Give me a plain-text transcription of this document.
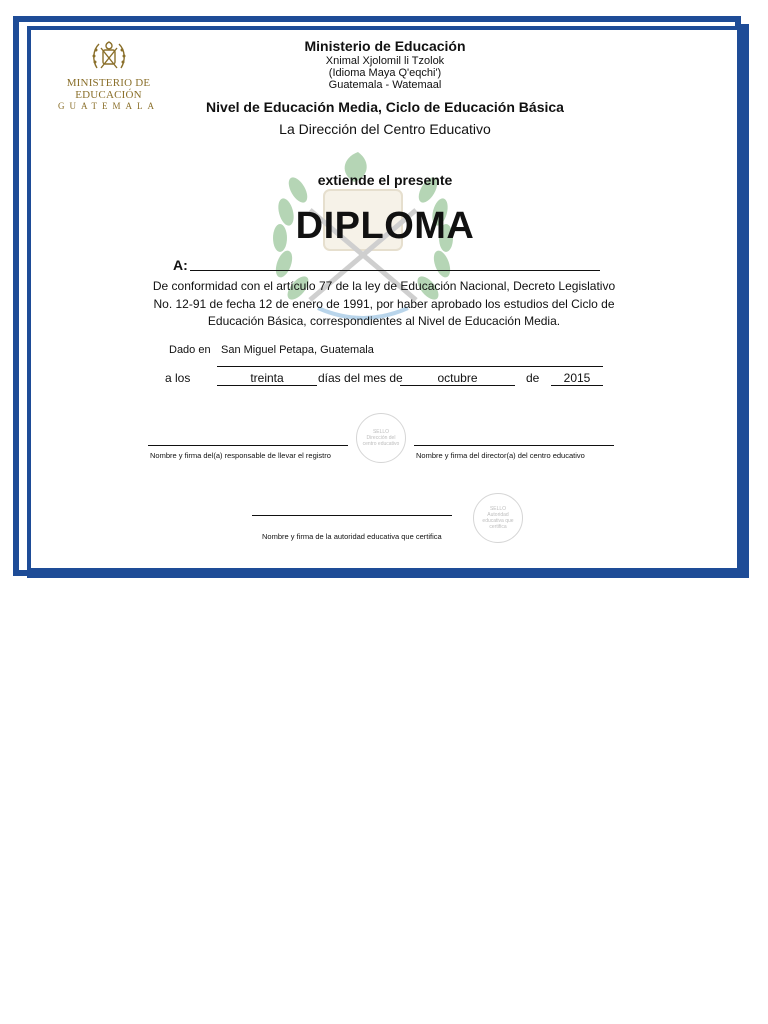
MINISTERIO DE EDUCACIÓN
GUATEMALA
Ministerio de Educación
Xnimal Xjolomil li Tzolok
(Idioma Maya Q'eqchi')
Guatemala - Watemaal
Nivel de Educación Media, Ciclo de Educación Básica
La Dirección del Centro Educativo
extiende el presente
DIPLOMA
A:
De conformidad con el artículo 77 de la ley de Educación Nacional, Decreto Legislativo
No. 12-91 de fecha 12 de enero de 1991, por haber aprobado los estudios del Ciclo de
Educación Básica, correspondientes al Nivel de Educación Media.
Dado en San Miguel Petapa, Guatemala
a los	treinta	días del mes de	octubre	de	2015
Nombre y firma del(a) responsable de llevar el registro
SELLO
Dirección del centro educativo
Nombre y firma del director(a) del centro educativo
Nombre y firma de la autoridad educativa que certifica
SELLO
Autoridad educativa que certifica
